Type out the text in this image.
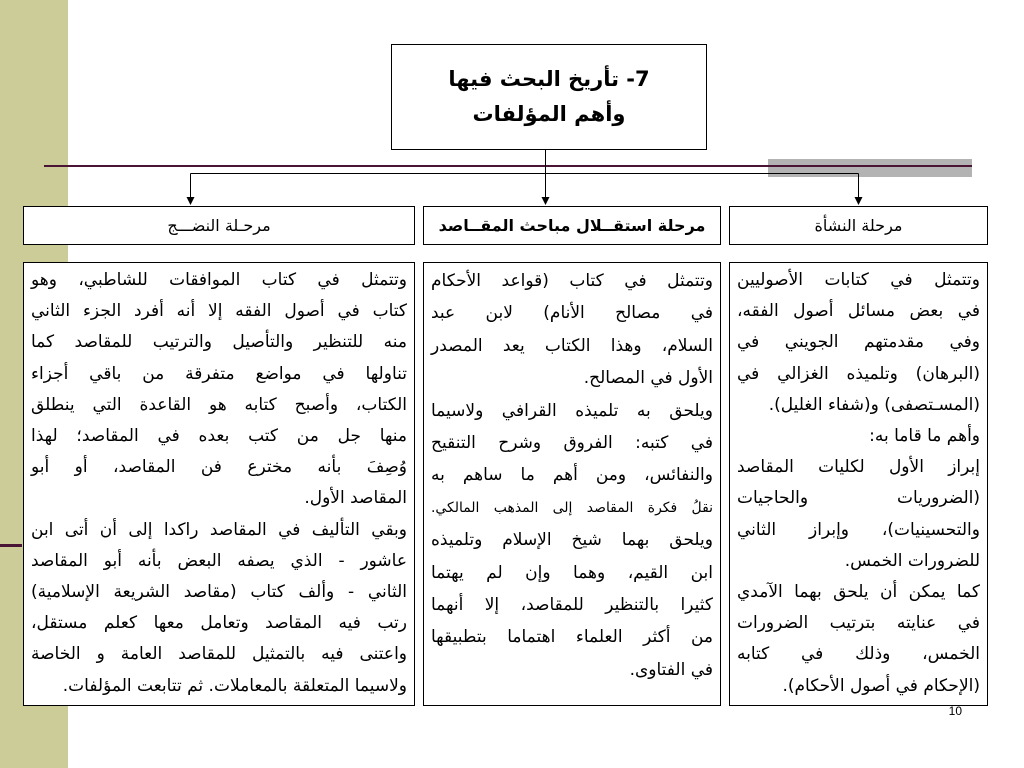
7- تأريخ البحث فيها
وأهم المؤلفات
مرحلة النشأة
مرحلة استقــلال مباحث المقــاصد
مرحـلة النضـــج
وتتمثل في كتابات الأصوليين
في بعض مسائل أصول الفقه،
وفي مقدمتهم الجويني في
(البرهان) وتلميذه الغزالي في
(المسـتصفى) و(شفاء الغليل).
وأهم ما قاما به:
إبراز الأول لكليات المقاصد
(الضروريات والحاجيات
والتحسينيات)، وإبراز الثاني
للضرورات الخمس.
كما يمكن أن يلحق بهما الآمدي
في عنايته بترتيب الضرورات
الخمس، وذلك في كتابه
(الإحكام في أصول الأحكام).
وتتمثل في كتاب (قواعد الأحكام
في مصالح الأنام) لابن عبد
السلام، وهذا الكتاب يعد المصدر
الأول في المصالح.
ويلحق به تلميذه القرافي ولاسيما
في كتبه: الفروق وشرح التنقيح
والنفائس، ومن أهم ما ساهم به
نقلُ فكرة المقاصد إلى المذهب المالكي.
ويلحق بهما شيخ الإسلام وتلميذه
ابن القيم، وهما وإن لم يهتما
كثيرا بالتنظير للمقاصد، إلا أنهما
من أكثر العلماء اهتماما بتطبيقها
في الفتاوى.
وتتمثل في كتاب الموافقات للشاطبي، وهو
كتاب في أصول الفقه إلا أنه أفرد الجزء الثاني
منه للتنظير والتأصيل والترتيب للمقاصد كما
تناولها في مواضع متفرقة من باقي أجزاء
الكتاب، وأصبح كتابه هو القاعدة التي ينطلق
منها جل من كتب بعده في المقاصد؛ لهذا
وُصِفَ بأنه مخترع فن المقاصد، أو أبو
المقاصد الأول.
وبقي التأليف في المقاصد راكدا إلى أن أتى ابن
عاشور - الذي يصفه البعض بأنه أبو المقاصد
الثاني - وألف كتاب (مقاصد الشريعة الإسلامية)
رتب فيه المقاصد وتعامل معها كعلم مستقل،
واعتنى فيه بالتمثيل للمقاصد العامة و الخاصة
ولاسيما المتعلقة بالمعاملات. ثم تتابعت المؤلفات.
10
